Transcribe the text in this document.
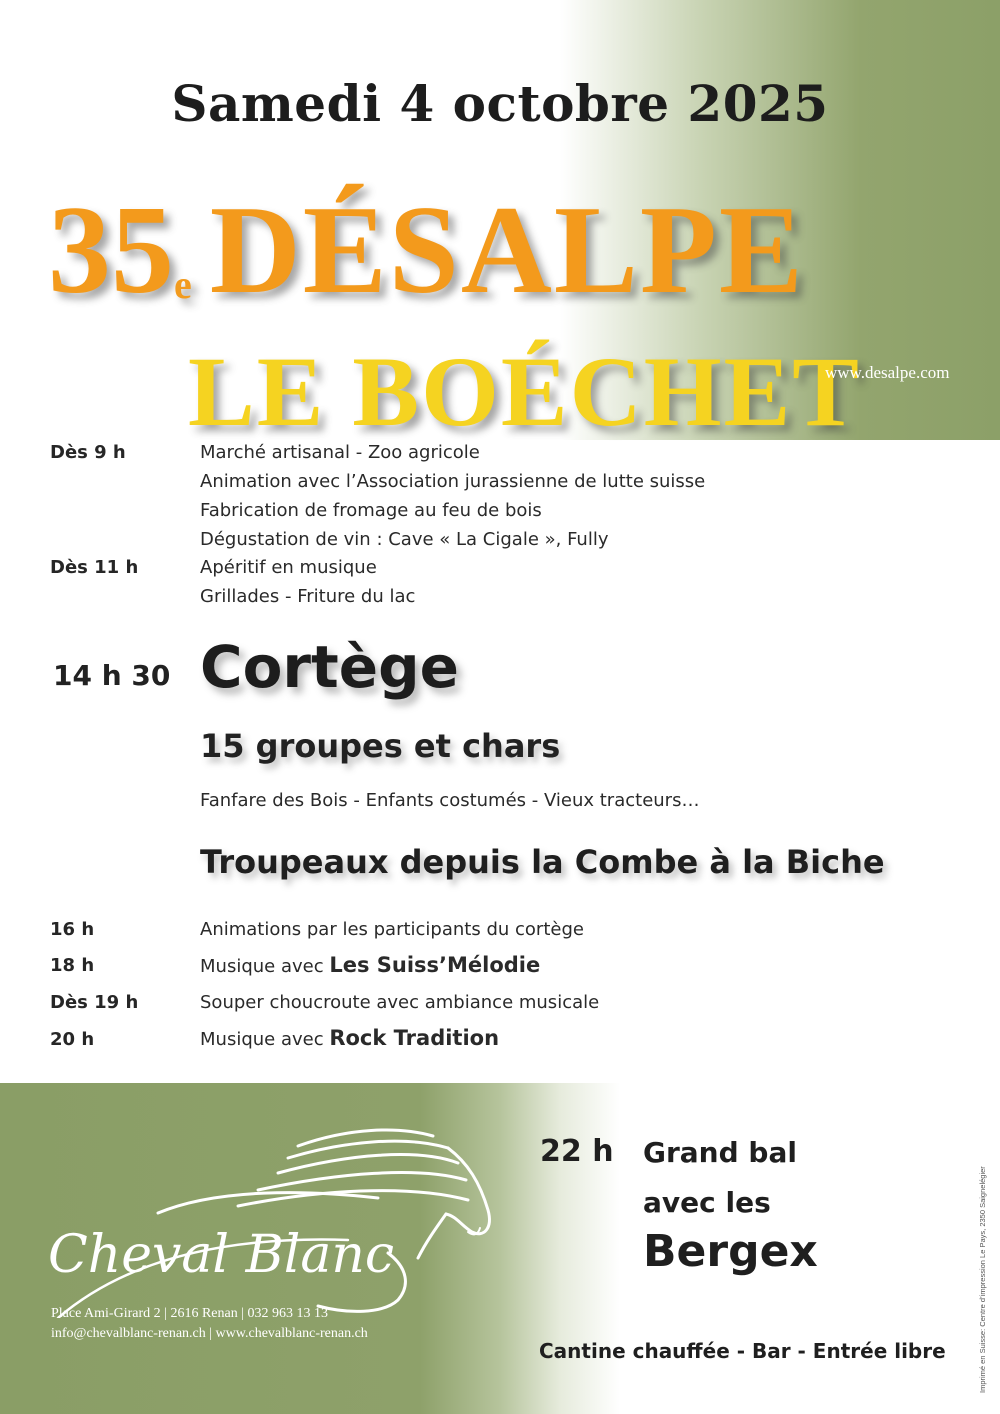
Samedi 4 octobre 2025
35e DÉSALPE
LE BOÉCHET
www.desalpe.com
Dès 9 h	Marché artisanal - Zoo agricole
Animation avec l’Association jurassienne de lutte suisse
Fabrication de fromage au feu de bois
Dégustation de vin : Cave « La Cigale », Fully
Dès 11 h	Apéritif en musique
Grillades - Friture du lac
14 h 30 Cortège
15 groupes et chars
Fanfare des Bois - Enfants costumés - Vieux tracteurs…
Troupeaux depuis la Combe à la Biche
16 h	Animations par les participants du cortège
18 h	Musique avec Les Suiss’Mélodie
Dès 19 h	Souper choucroute avec ambiance musicale
20 h	Musique avec Rock Tradition
Cheval Blanc
Place Ami-Girard 2 | 2616 Renan | 032 963 13 13
info@chevalblanc-renan.ch | www.chevalblanc-renan.ch
22 h Grand bal
avec les
Bergex
Cantine chauffée - Bar - Entrée libre	Imprimé en Suisse: Centre d’impression Le Pays, 2350 Saignelégier
